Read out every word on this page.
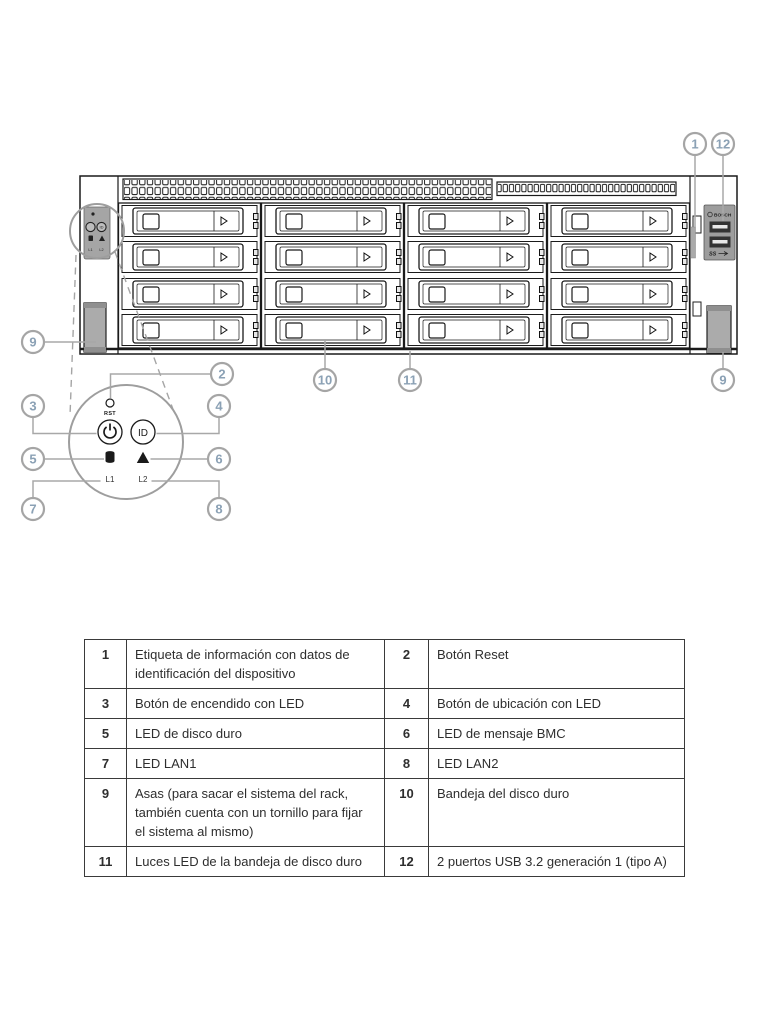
ID
L1 L2
BOSCH
SS
RST
ID
L1	L2
1 12
9
2	10	11	9
3	4
5	6
7	8
1	Etiqueta de información con datos de identificación del dispositivo	2	Botón Reset
3	Botón de encendido con LED	4	Botón de ubicación con LED
5	LED de disco duro	6	LED de mensaje BMC
7	LED LAN1	8	LED LAN2
9	Asas (para sacar el sistema del rack, también cuenta con un tornillo para fijar el sistema al mismo)	10	Bandeja del disco duro
11	Luces LED de la bandeja de disco duro	12	2 puertos USB 3.2 generación 1 (tipo A)
